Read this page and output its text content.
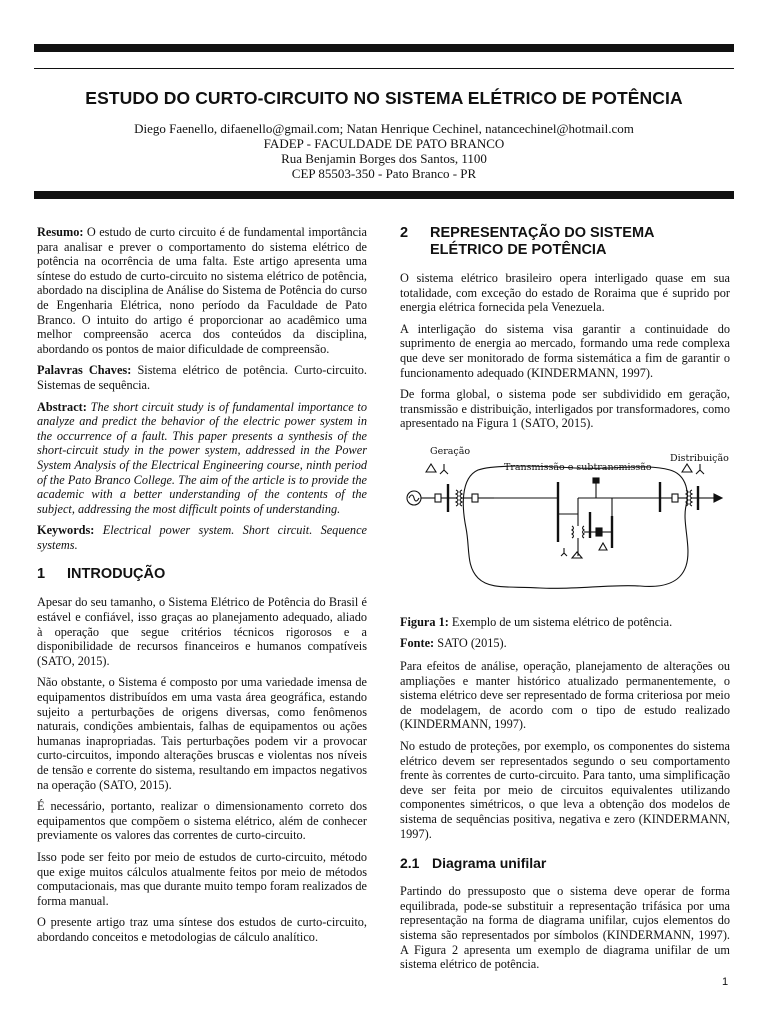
ESTUDO DO CURTO-CIRCUITO NO SISTEMA ELÉTRICO DE POTÊNCIA
Diego Faenello, difaenello@gmail.com; Natan Henrique Cechinel, natancechinel@hotmail.com
FADEP - FACULDADE DE PATO BRANCO
Rua Benjamin Borges dos Santos, 1100
CEP 85503-350 - Pato Branco - PR

Resumo: O estudo de curto circuito é de fundamental importância para analisar e prever o comportamento do sistema elétrico de potência na ocorrência de uma falta. Este artigo apresenta uma síntese do estudo de curto-circuito no sistema elétrico de potência, abordado na disciplina de Análise do Sistema de Potência do curso de Engenharia Elétrica, nono período da Faculdade de Pato Branco. O intuito do artigo é proporcionar ao acadêmico uma melhor compreensão acerca dos conteúdos da disciplina, abordando os pontos de maior dificuldade de compreensão.

Palavras Chaves: Sistema elétrico de potência. Curto-circuito. Sistemas de sequência.

Abstract: The short circuit study is of fundamental importance to analyze and predict the behavior of the electric power system in the occurrence of a fault. This paper presents a synthesis of the short-circuit study in the power system, addressed in the Power System Analysis of the Electrical Engineering course, ninth period of the Pato Branco College. The aim of the article is to provide the academic with a better understanding of the contents of the subject, addressing the most difficult points of understanding.

Keywords: Electrical power system. Short circuit. Sequence systems.

1	INTRODUÇÃO

Apesar do seu tamanho, o Sistema Elétrico de Potência do Brasil é estável e confiável, isso graças ao planejamento adequado, aliado à operação que segue critérios técnicos rigorosos e a disponibilidade de recursos financeiros e humanos compatíveis (SATO, 2015).

Não obstante, o Sistema é composto por uma variedade imensa de equipamentos distribuídos em uma vasta área geográfica, estando sujeito a perturbações de origens diversas, como fenômenos naturais, condições ambientais, falhas de equipamentos ou ações humanas inapropriadas. Tais perturbações podem vir a provocar curto-circuitos, impondo alterações bruscas e violentas nos níveis de tensão e corrente do sistema, resultando em impactos negativos na operação (SATO, 2015).

É necessário, portanto, realizar o dimensionamento correto dos equipamentos que compõem o sistema elétrico, além de conhecer previamente os valores das correntes de curto-circuito.

Isso pode ser feito por meio de estudos de curto-circuito, método que exige muitos cálculos atualmente feitos por meio de métodos computacionais, mas que durante muito tempo foram realizados de forma manual.

O presente artigo traz uma síntese dos estudos de curto-circuito, abordando conceitos e metodologias de cálculo analítico.

2	REPRESENTAÇÃO DO SISTEMA
ELÉTRICO DE POTÊNCIA

O sistema elétrico brasileiro opera interligado quase em sua totalidade, com exceção do estado de Roraima que é suprido por energia elétrica fornecida pela Venezuela.

A interligação do sistema visa garantir a continuidade do suprimento de energia ao mercado, formando uma rede complexa que deve ser monitorado de forma sistemática a fim de garantir o funcionamento adequado (KINDERMANN, 1997).

De forma global, o sistema pode ser subdividido em geração, transmissão e distribuição, interligados por transformadores, como apresentado na Figura 1 (SATO, 2015).

Geração
Transmissão e subtransmissão
Distribuição

Figura 1: Exemplo de um sistema elétrico de potência.

Fonte: SATO (2015).

Para efeitos de análise, operação, planejamento de alterações ou ampliações e manter histórico atualizado permanentemente, o sistema elétrico deve ser representado de forma criteriosa por meio de modelagem, de acordo com o tipo de estudo realizado (KINDERMANN, 1997).

No estudo de proteções, por exemplo, os componentes do sistema elétrico devem ser representados segundo o seu comportamento frente às correntes de curto-circuito. Para tanto, uma simplificação deve ser feita por meio de circuitos equivalentes utilizando componentes simétricos, o que leva a obtenção dos modelos de sistema de sequências positiva, negativa e zero (KINDERMANN, 1997).

2.1 Diagrama unifilar

Partindo do pressuposto que o sistema deve operar de forma equilibrada, pode-se substituir a representação trifásica por uma representação na forma de diagrama unifilar, cujos elementos do sistema são representados por símbolos (KINDERMANN, 1997). A Figura 2 apresenta um exemplo de diagrama unifilar de um sistema elétrico de potência.

1
